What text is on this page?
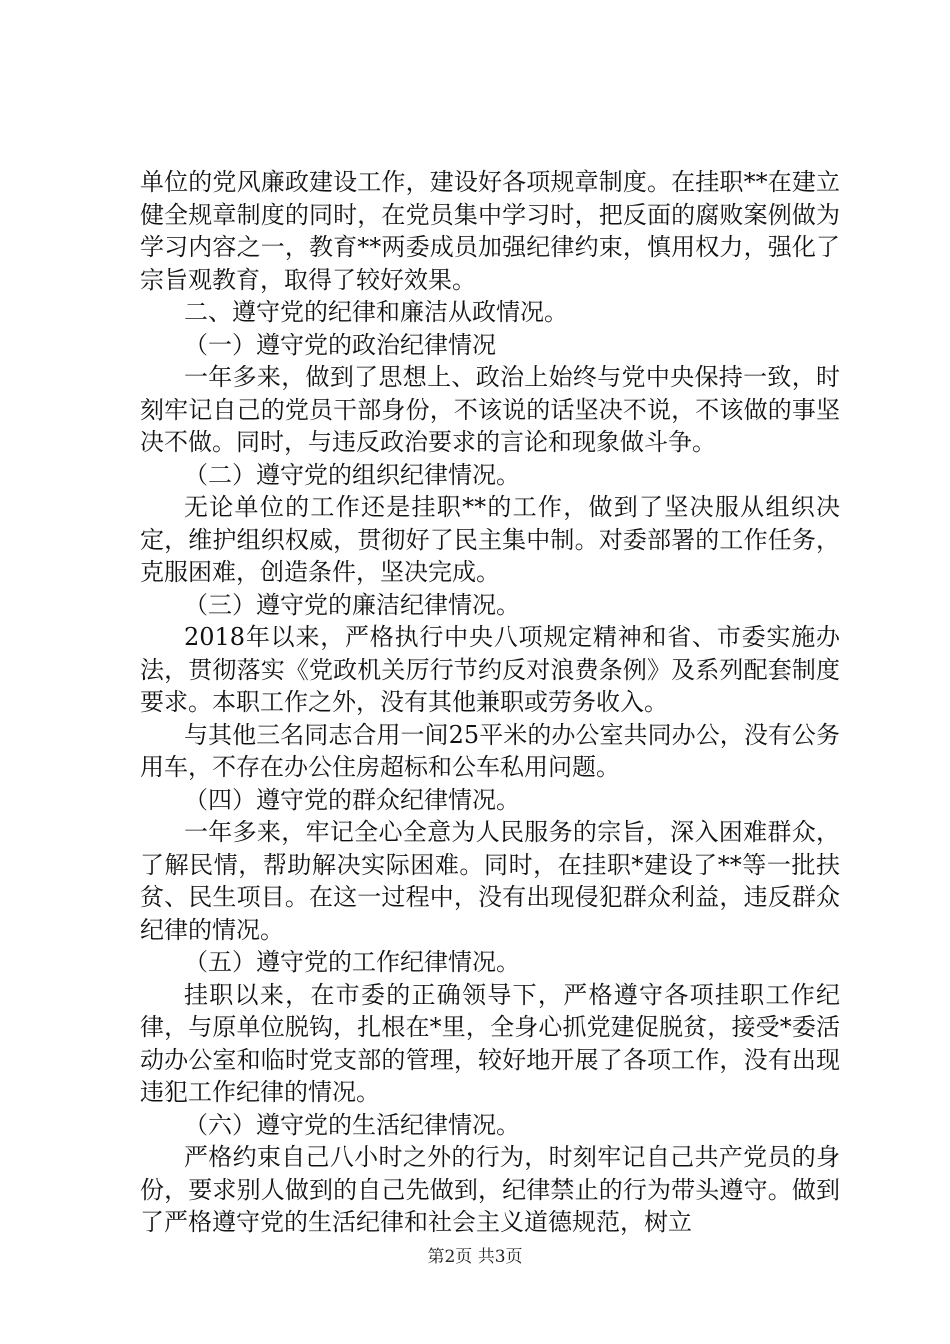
单位的党风廉政建设工作，建设好各项规章制度。在挂职**在建立健全规章制度的同时，在党员集中学习时，把反面的腐败案例做为学习内容之一，教育**两委成员加强纪律约束，慎用权力，强化了宗旨观教育，取得了较好效果。

二、遵守党的纪律和廉洁从政情况。

（一）遵守党的政治纪律情况

一年多来，做到了思想上、政治上始终与党中央保持一致，时刻牢记自己的党员干部身份，不该说的话坚决不说，不该做的事坚决不做。同时，与违反政治要求的言论和现象做斗争。

（二）遵守党的组织纪律情况。

无论单位的工作还是挂职**的工作，做到了坚决服从组织决定，维护组织权威，贯彻好了民主集中制。对委部署的工作任务，克服困难，创造条件，坚决完成。

（三）遵守党的廉洁纪律情况。

2018年以来，严格执行中央八项规定精神和省、市委实施办法，贯彻落实《党政机关厉行节约反对浪费条例》及系列配套制度要求。本职工作之外，没有其他兼职或劳务收入。

与其他三名同志合用一间25平米的办公室共同办公，没有公务用车，不存在办公住房超标和公车私用问题。

（四）遵守党的群众纪律情况。

一年多来，牢记全心全意为人民服务的宗旨，深入困难群众，了解民情，帮助解决实际困难。同时，在挂职*建设了**等一批扶贫、民生项目。在这一过程中，没有出现侵犯群众利益，违反群众纪律的情况。

（五）遵守党的工作纪律情况。

挂职以来，在市委的正确领导下，严格遵守各项挂职工作纪律，与原单位脱钩，扎根在*里，全身心抓党建促脱贫，接受*委活动办公室和临时党支部的管理，较好地开展了各项工作，没有出现违犯工作纪律的情况。

（六）遵守党的生活纪律情况。

严格约束自己八小时之外的行为，时刻牢记自己共产党员的身份，要求别人做到的自己先做到，纪律禁止的行为带头遵守。做到了严格遵守党的生活纪律和社会主义道德规范，树立

第2页 共3页
